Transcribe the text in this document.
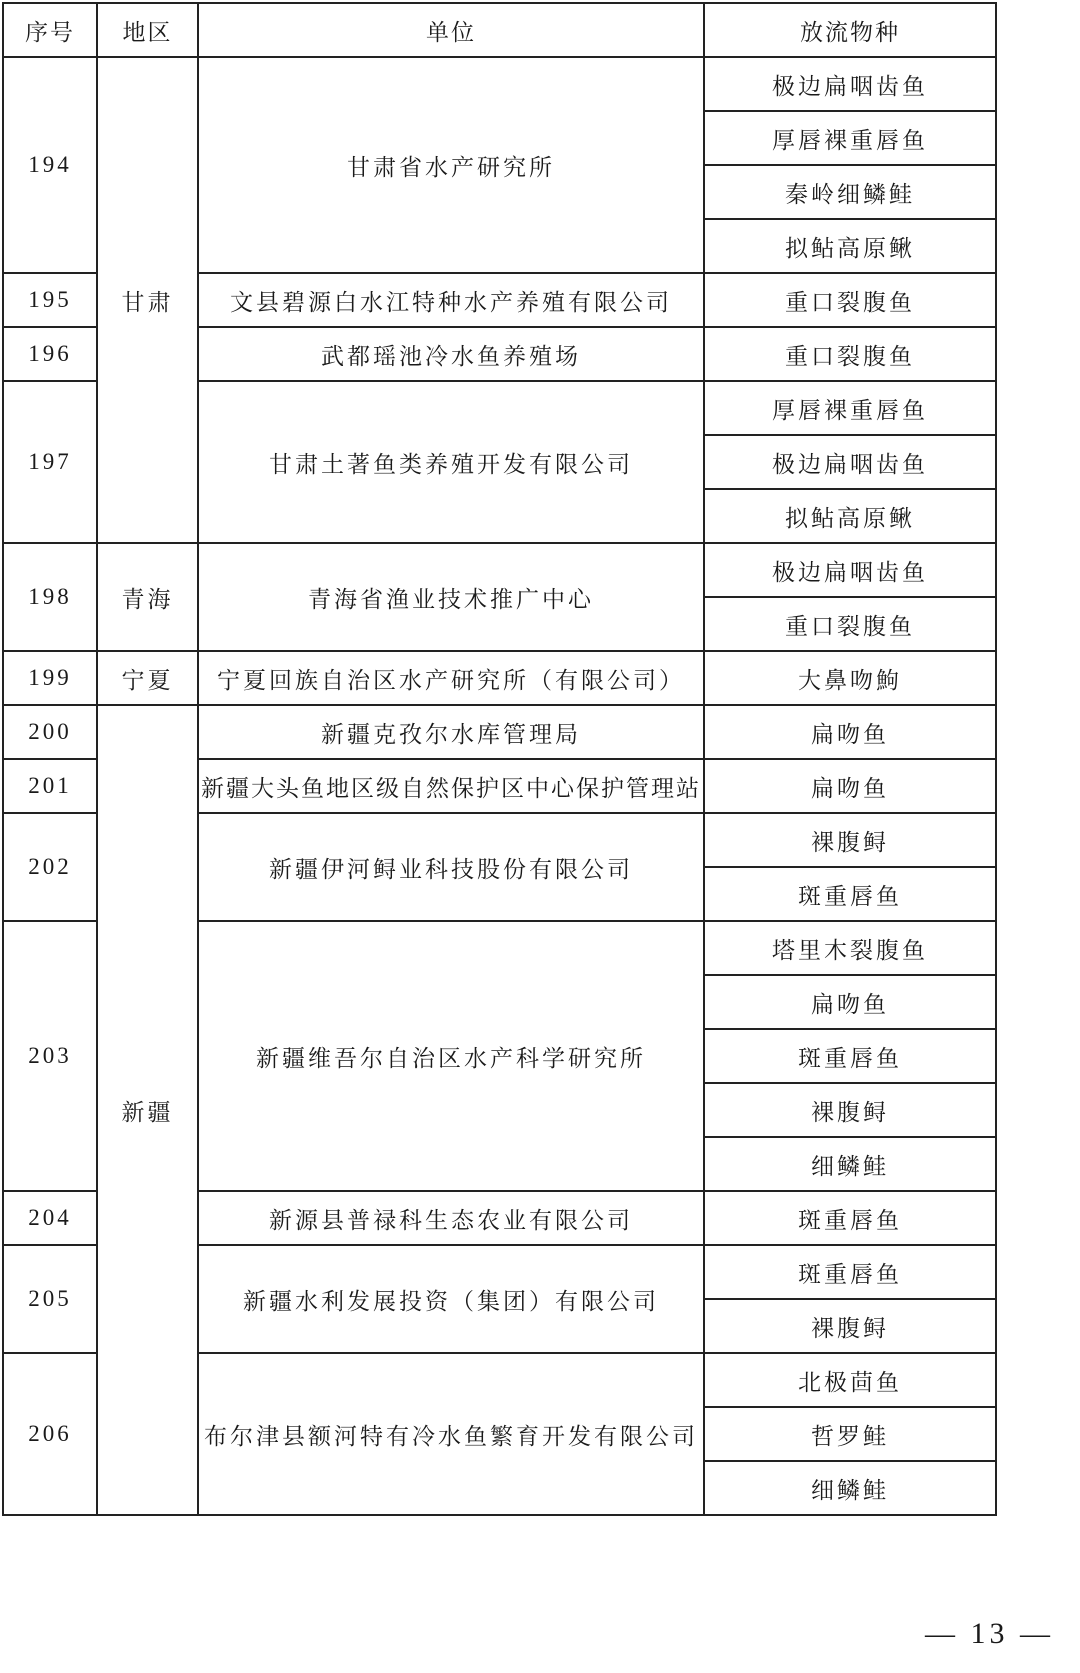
序号	地区	单位	放流物种
194	甘肃	甘肃省水产研究所	极边扁咽齿鱼
			厚唇裸重唇鱼
			秦岭细鳞鲑
			拟鲇高原鳅
195		文县碧源白水江特种水产养殖有限公司	重口裂腹鱼
196		武都瑶池冷水鱼养殖场	重口裂腹鱼
197		甘肃土著鱼类养殖开发有限公司	厚唇裸重唇鱼
			极边扁咽齿鱼
			拟鲇高原鳅
198	青海	青海省渔业技术推广中心	极边扁咽齿鱼
			重口裂腹鱼
199	宁夏	宁夏回族自治区水产研究所（有限公司）	大鼻吻鮈
200	新疆	新疆克孜尔水库管理局	扁吻鱼
201		新疆大头鱼地区级自然保护区中心保护管理站	扁吻鱼
202		新疆伊河鲟业科技股份有限公司	裸腹鲟
			斑重唇鱼
203		新疆维吾尔自治区水产科学研究所	塔里木裂腹鱼
			扁吻鱼
			斑重唇鱼
			裸腹鲟
			细鳞鲑
204		新源县普禄科生态农业有限公司	斑重唇鱼
205		新疆水利发展投资（集团）有限公司	斑重唇鱼
			裸腹鲟
206		布尔津县额河特有冷水鱼繁育开发有限公司	北极茴鱼
			哲罗鲑
			细鳞鲑
— 13 —
